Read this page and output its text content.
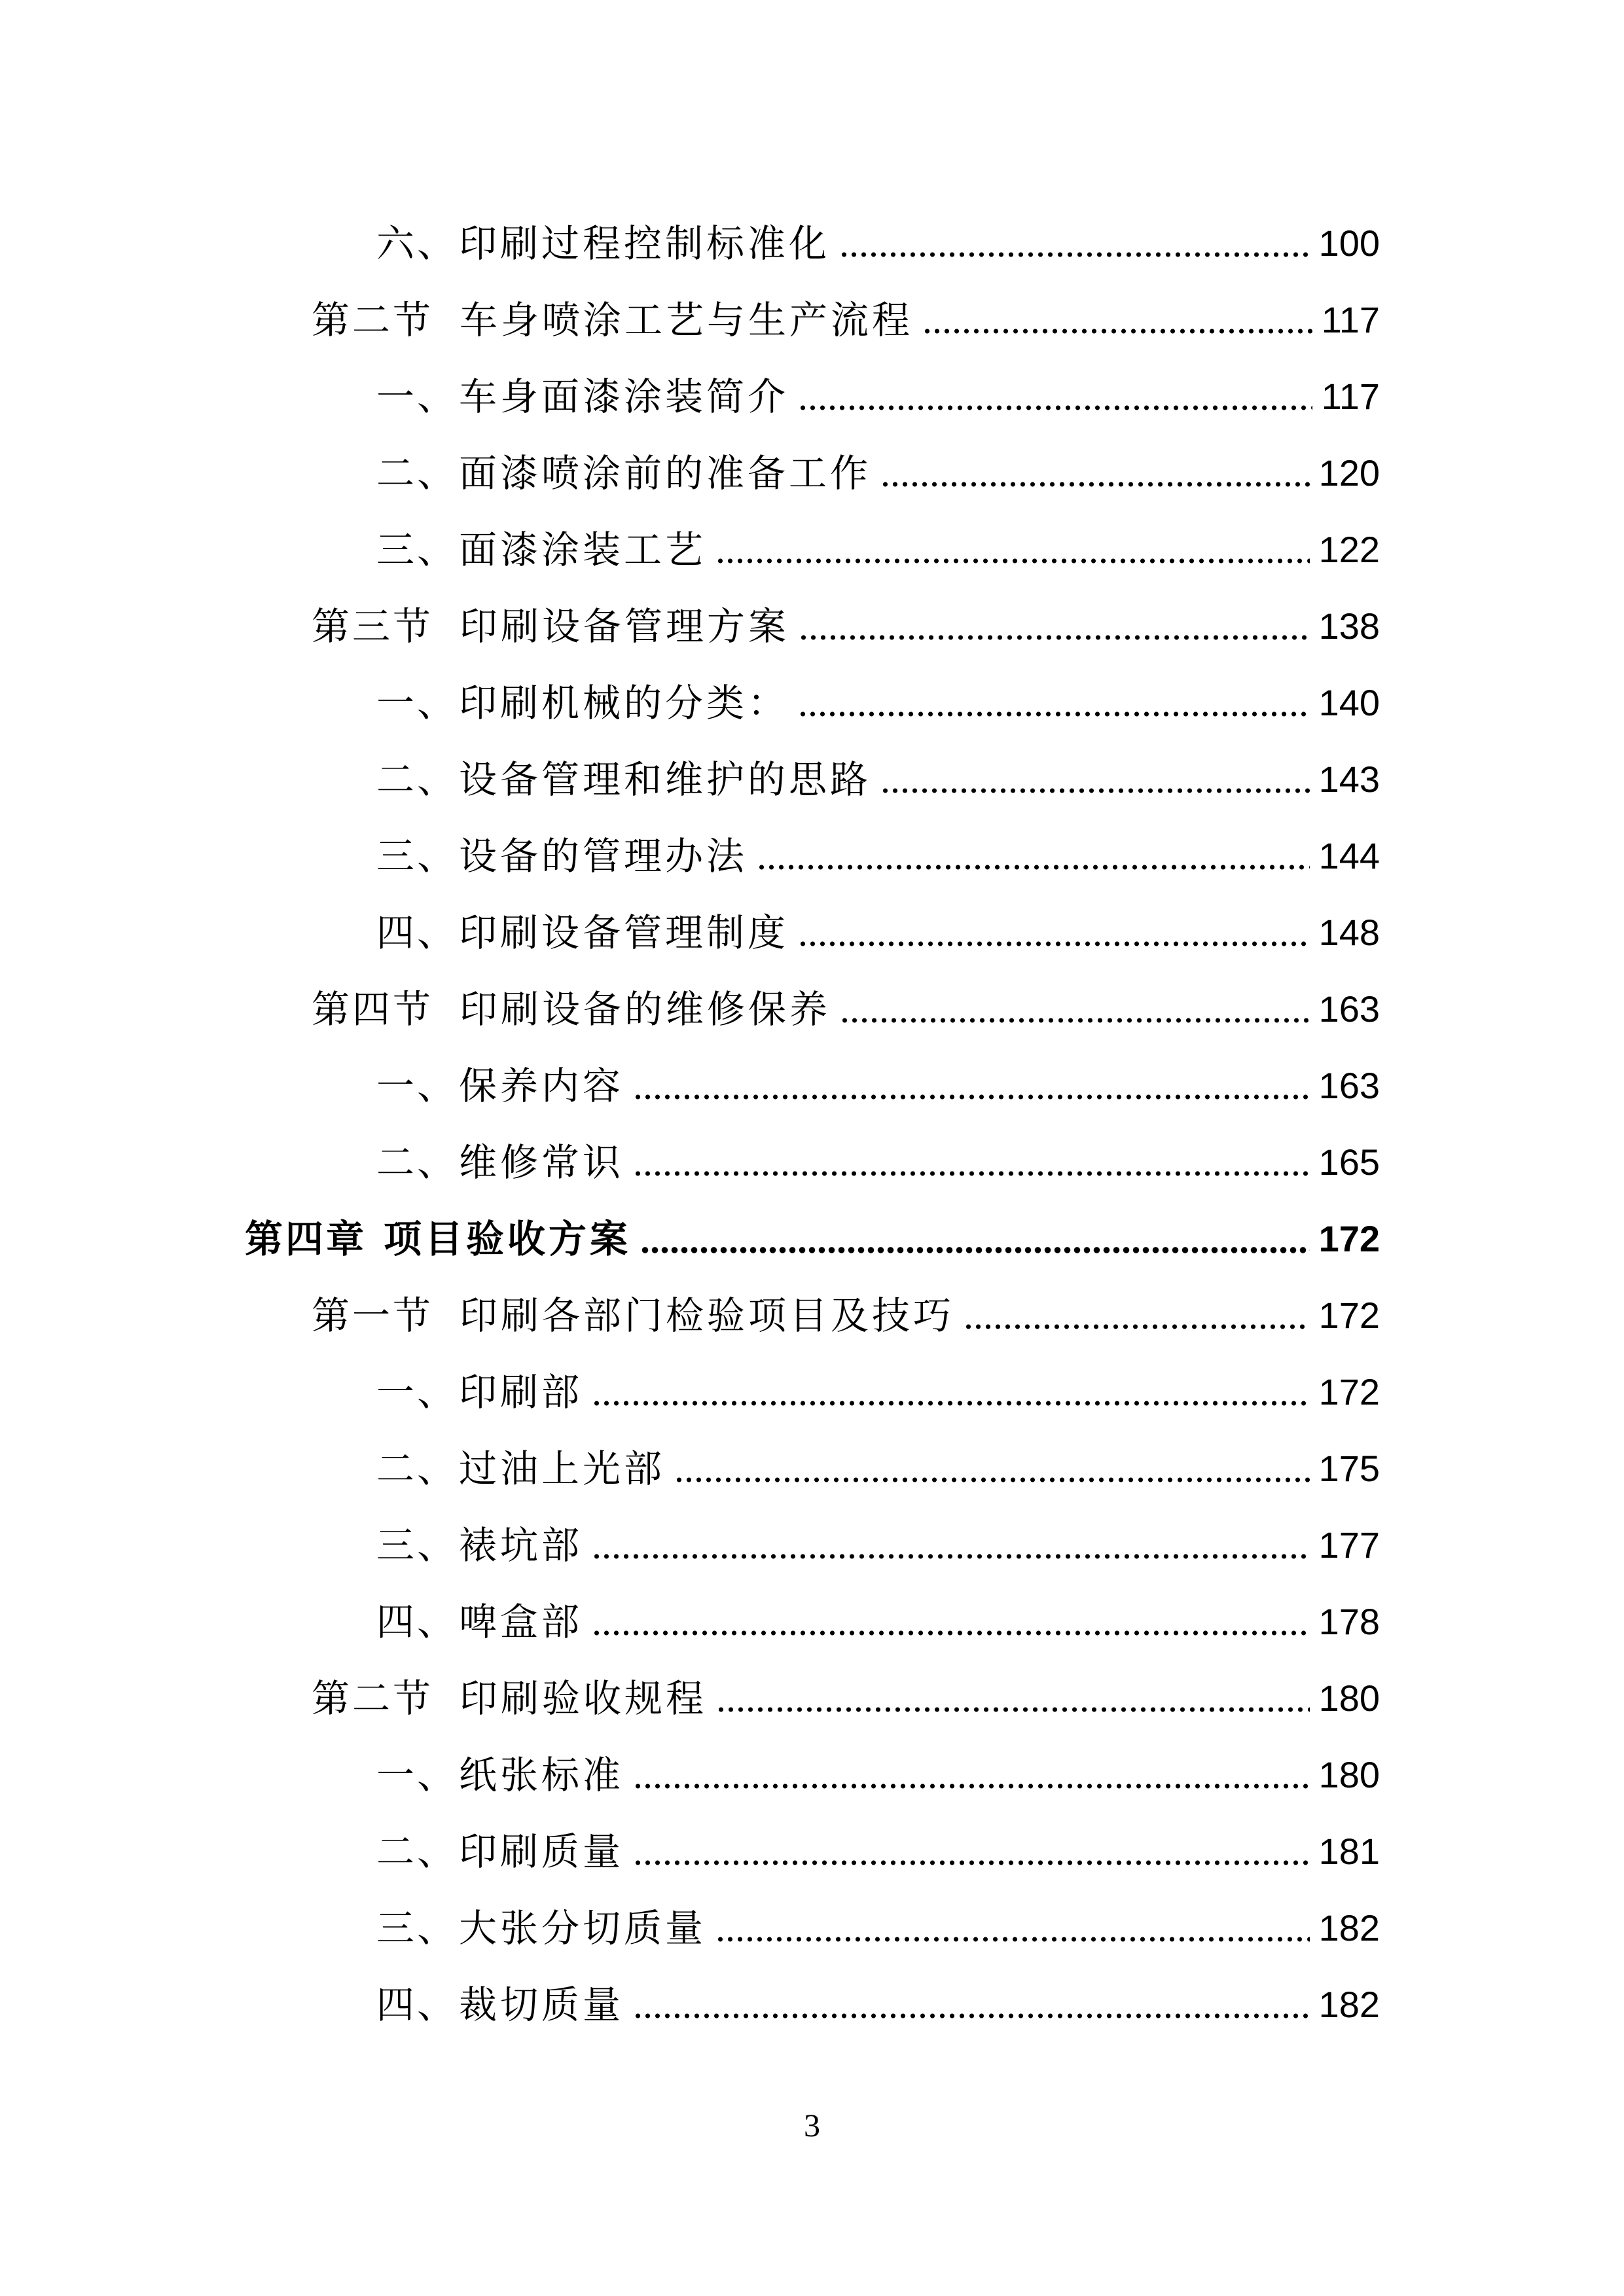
六、 印刷过程控制标准化	100
第二节 车身喷涂工艺与生产流程	117
一、 车身面漆涂装简介	117
二、 面漆喷涂前的准备工作	120
三、 面漆涂装工艺	122
第三节 印刷设备管理方案	138
一、 印刷机械的分类：	140
二、 设备管理和维护的思路	143
三、 设备的管理办法	144
四、 印刷设备管理制度	148
第四节 印刷设备的维修保养	163
一、 保养内容	163
二、 维修常识	165
第四章 项目验收方案	172
第一节 印刷各部门检验项目及技巧	172
一、 印刷部	172
二、 过油上光部	175
三、 裱坑部	177
四、 啤盒部	178
第二节 印刷验收规程	180
一、 纸张标准	180
二、 印刷质量	181
三、 大张分切质量	182
四、 裁切质量	182
3
